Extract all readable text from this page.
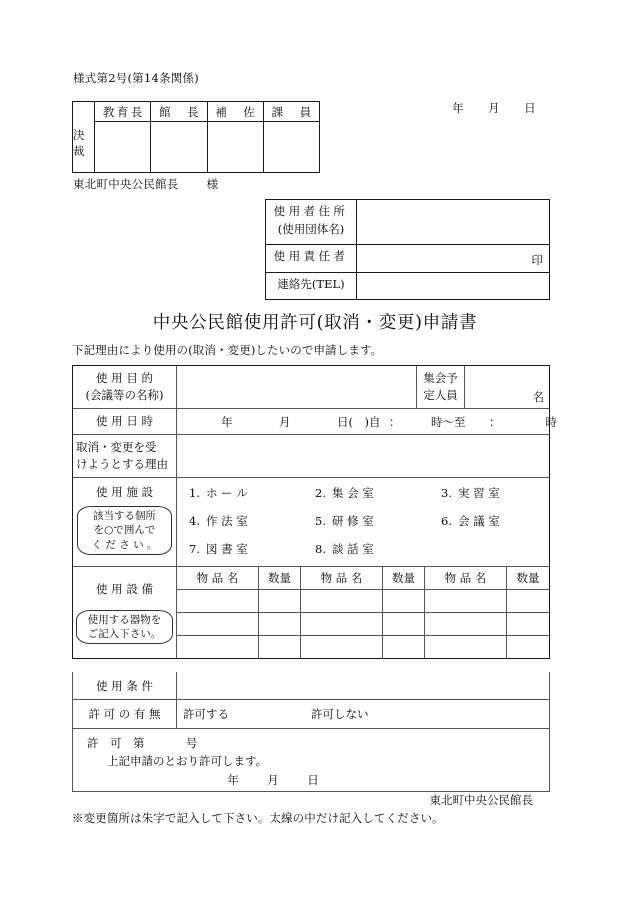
様式第2号(第14条関係)
決裁
教育長	館　長	補　佐	課　員	年 月 日
東北町中央公民館長 様
使用者住所
(使用団体名)
使用責任者	印
連絡先(TEL)
中央公民館使用許可(取消・変更)申請書
下記理由により使用の(取消・変更)したいので申請します。
使 用 目 的
(会議等の名称)
集会予
定人員	名
使 用 日 時	年	月	日(　)自 ：	時～至	：	時
取消・変更を受
けようとする理由
使 用 施 設
該当する個所
を○で囲んで
く だ さ い 。
1. ホ ー ル	2. 集 会 室	3. 実 習 室
4. 作 法 室	5. 研 修 室	6. 会 議 室
7. 図 書 室	8. 談 話 室
使 用 設 備
使用する器物を
ご記入下さい。
物 品 名	数量	物 品 名	数量	物 品 名	数量
使 用 条 件
許 可 の 有 無	許可する	許可しない
許　可　第	号
上記申請のとおり許可します。
年 月 日
東北町中央公民館長
※変更箇所は朱字で記入して下さい。太線の中だけ記入してください。
